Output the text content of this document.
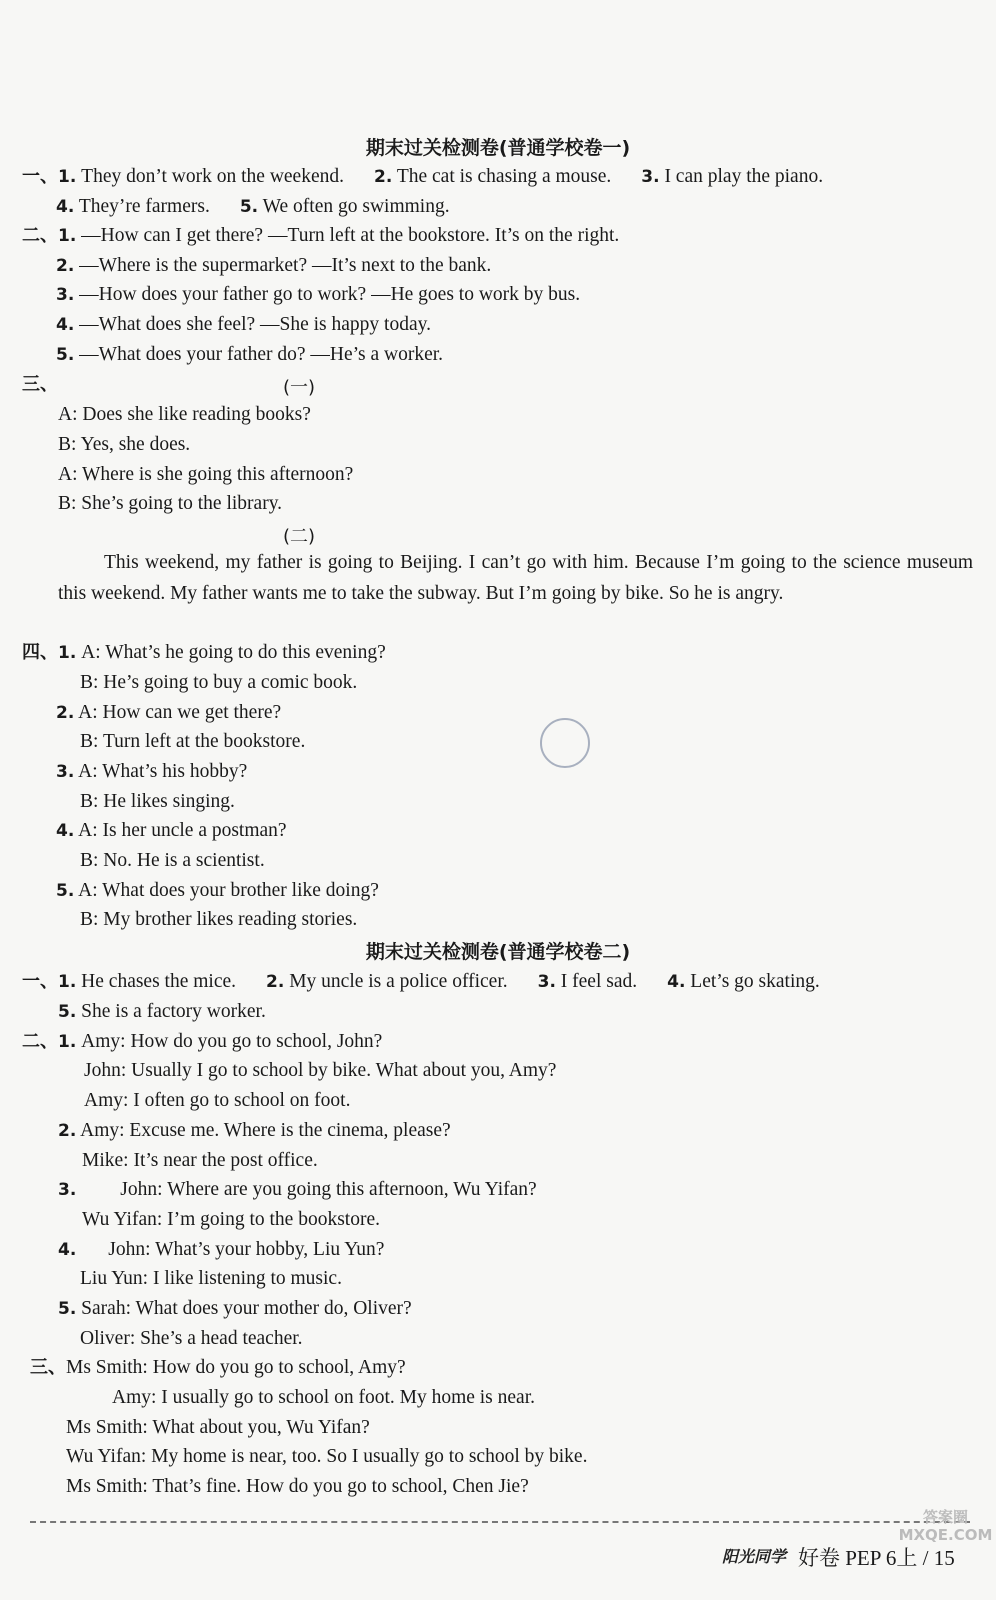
期末过关检测卷(普通学校卷一)
一、1. They don’t work on the weekend. 2. The cat is chasing a mouse. 3. I can play the piano.
4. They’re farmers. 5. We often go swimming.
二、1. —How can I get there? —Turn left at the bookstore. It’s on the right.
2. —Where is the supermarket? —It’s next to the bank.
3. —How does your father go to work? —He goes to work by bus.
4. —What does she feel? —She is happy today.
5. —What does your father do? —He’s a worker.
三、	(一)
A: Does she like reading books?
B: Yes, she does.
A: Where is she going this afternoon?
B: She’s going to the library.
(二)
This weekend, my father is going to Beijing. I can’t go with him. Because I’m going to the science museum this weekend. My father wants me to take the subway. But I’m going by bike. So he is angry.
四、1. A: What’s he going to do this evening?
B: He’s going to buy a comic book.
2. A: How can we get there?
B: Turn left at the bookstore.
3. A: What’s his hobby?
B: He likes singing.
4. A: Is her uncle a postman?
B: No. He is a scientist.
5. A: What does your brother like doing?
B: My brother likes reading stories.
期末过关检测卷(普通学校卷二)
一、1. He chases the mice. 2. My uncle is a police officer. 3. I feel sad. 4. Let’s go skating.
5. She is a factory worker.
二、1. Amy: How do you go to school, John?
John: Usually I go to school by bike. What about you, Amy?
Amy: I often go to school on foot.
2. Amy: Excuse me. Where is the cinema, please?
Mike: It’s near the post office.
3. John: Where are you going this afternoon, Wu Yifan?
Wu Yifan: I’m going to the bookstore.
4. John: What’s your hobby, Liu Yun?
Liu Yun: I like listening to music.
5. Sarah: What does your mother do, Oliver?
Oliver: She’s a head teacher.
三、Ms Smith: How do you go to school, Amy?
Amy: I usually go to school on foot. My home is near.
Ms Smith: What about you, Wu Yifan?
Wu Yifan: My home is near, too. So I usually go to school by bike.
Ms Smith: That’s fine. How do you go to school, Chen Jie?
阳光同学 好卷 PEP 6上 / 15
答案圈 MXQE.COM
